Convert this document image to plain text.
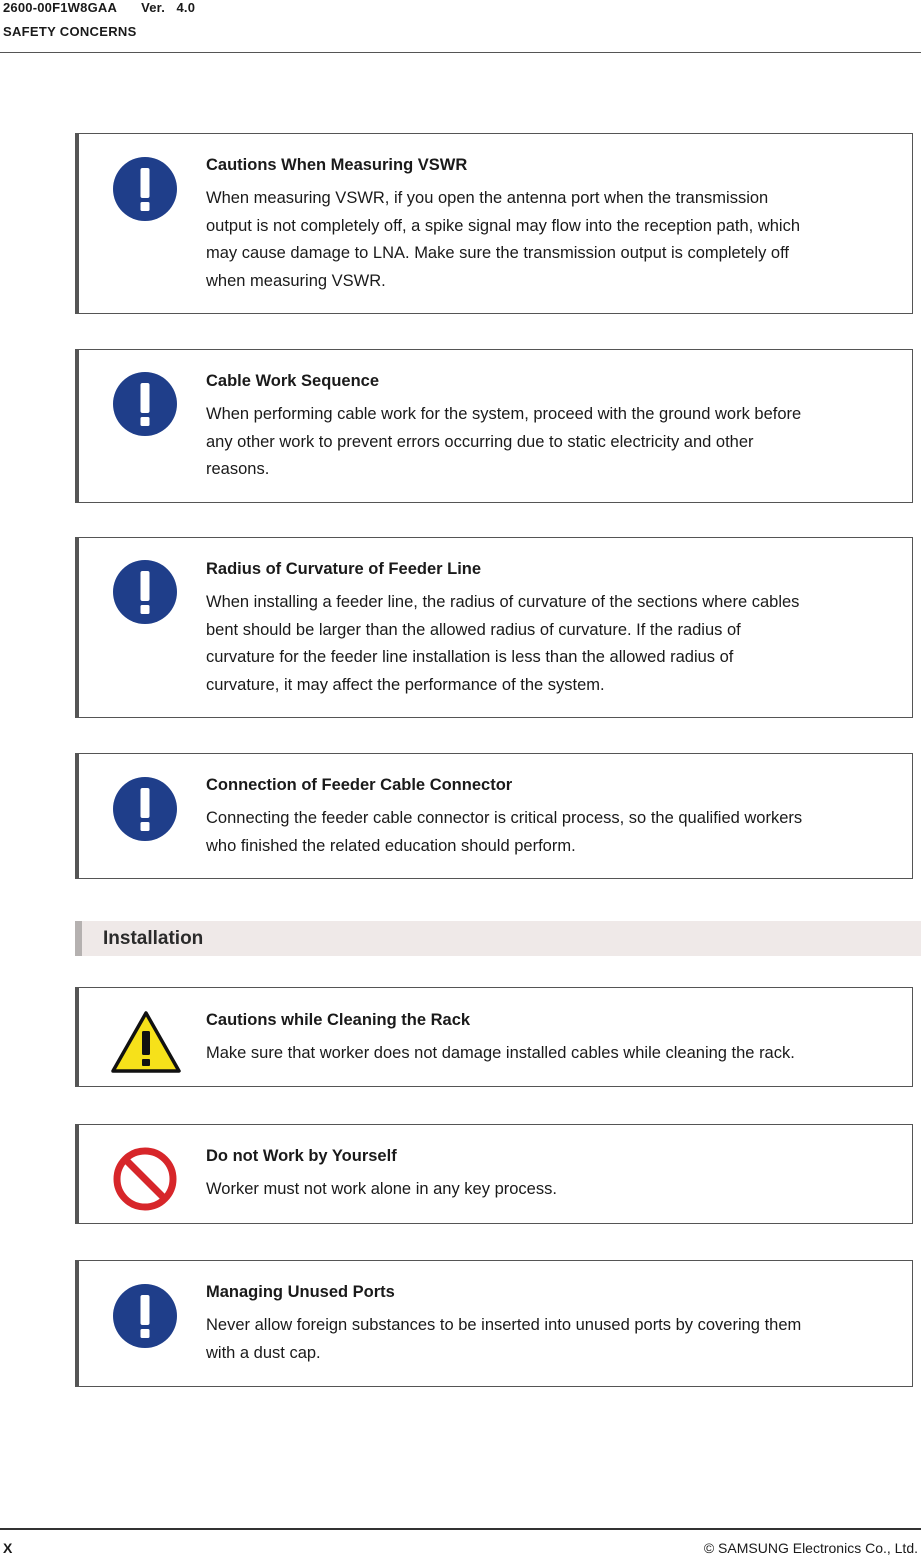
2600-00F1W8GAA Ver.   4.0
SAFETY CONCERNS
Cautions When Measuring VSWR
When measuring VSWR, if you open the antenna port when the transmission
output is not completely off, a spike signal may flow into the reception path, which
may cause damage to LNA. Make sure the transmission output is completely off
when measuring VSWR.
Cable Work Sequence
When performing cable work for the system, proceed with the ground work before
any other work to prevent errors occurring due to static electricity and other
reasons.
Radius of Curvature of Feeder Line
When installing a feeder line, the radius of curvature of the sections where cables
bent should be larger than the allowed radius of curvature. If the radius of
curvature for the feeder line installation is less than the allowed radius of
curvature, it may affect the performance of the system.
Connection of Feeder Cable Connector
Connecting the feeder cable connector is critical process, so the qualified workers
who finished the related education should perform.
Installation
Cautions while Cleaning the Rack
Make sure that worker does not damage installed cables while cleaning the rack.
Do not Work by Yourself
Worker must not work alone in any key process.
Managing Unused Ports
Never allow foreign substances to be inserted into unused ports by covering them
with a dust cap.
X	© SAMSUNG Electronics Co., Ltd.
